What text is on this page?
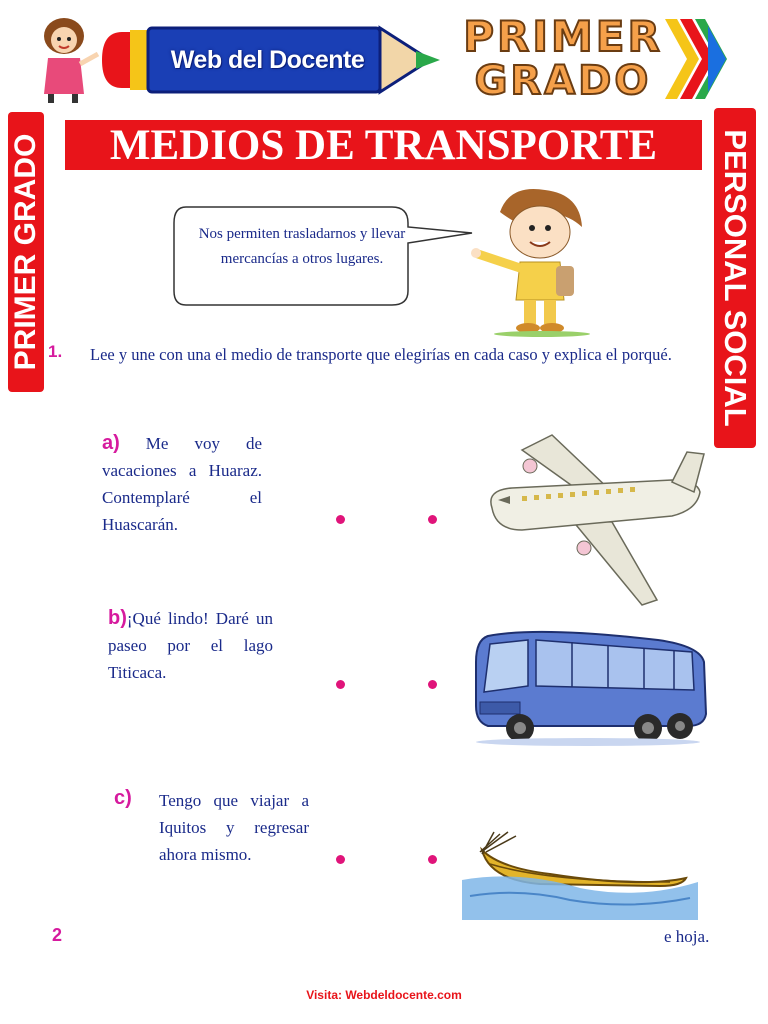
Web del Docente	PRIMER
GRADO
MEDIOS DE TRANSPORTE
PRIMER GRADO	PERSONAL SOCIAL
Nos permiten trasladarnos y llevar mercancías a otros lugares.
1. Lee y une con una el medio de transporte que elegirías en cada caso y explica el porqué.
a) Me voy de vacaciones a Huaraz. Contemplaré el Huascarán.
b)¡Qué lindo! Daré un paseo por el lago Titicaca.
c) Tengo que viajar a Iquitos y regresar ahora mismo.
2	e hoja.
Visita: Webdeldocente.com
